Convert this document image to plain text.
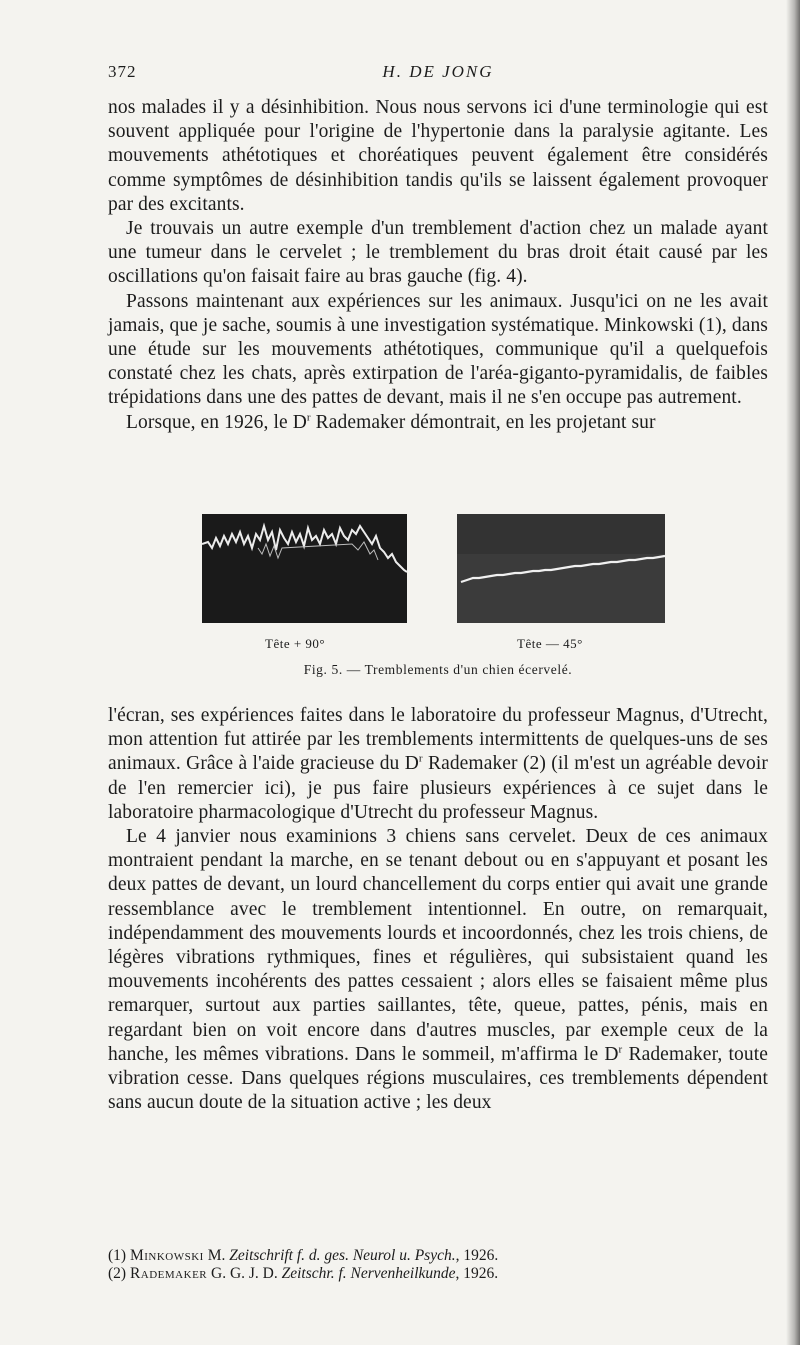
372	H. DE JONG

nos malades il y a désinhibition. Nous nous servons ici d'une terminologie qui est souvent appliquée pour l'origine de l'hypertonie dans la paralysie agitante. Les mouvements athétotiques et choréatiques peuvent également être considérés comme symptômes de désinhibition tandis qu'ils se laissent également provoquer par des excitants.

Je trouvais un autre exemple d'un tremblement d'action chez un malade ayant une tumeur dans le cervelet ; le tremblement du bras droit était causé par les oscillations qu'on faisait faire au bras gauche (fig. 4).

Passons maintenant aux expériences sur les animaux. Jusqu'ici on ne les avait jamais, que je sache, soumis à une investigation systématique. Minkowski (1), dans une étude sur les mouvements athétotiques, communique qu'il a quelquefois constaté chez les chats, après extirpation de l'aréa-giganto-pyramidalis, de faibles trépidations dans une des pattes de devant, mais il ne s'en occupe pas autrement.

Lorsque, en 1926, le $D^r$ Rademaker démontrait, en les projetant sur

Tête + 90°	Tête — 45°
Fig. 5. — Tremblements d'un chien écervelé.

l'écran, ses expériences faites dans le laboratoire du professeur Magnus, d'Utrecht, mon attention fut attirée par les tremblements intermittents de quelques-uns de ses animaux. Grâce à l'aide gracieuse du $D^r$ Rademaker (2) (il m'est un agréable devoir de l'en remercier ici), je pus faire plusieurs expériences à ce sujet dans le laboratoire pharmacologique d'Utrecht du professeur Magnus.

Le 4 janvier nous examinions 3 chiens sans cervelet. Deux de ces animaux montraient pendant la marche, en se tenant debout ou en s'appuyant et posant les deux pattes de devant, un lourd chancellement du corps entier qui avait une grande ressemblance avec le tremblement intentionnel. En outre, on remarquait, indépendamment des mouvements lourds et incoordonnés, chez les trois chiens, de légères vibrations rythmiques, fines et régulières, qui subsistaient quand les mouvements incohérents des pattes cessaient ; alors elles se faisaient même plus remarquer, surtout aux parties saillantes, tête, queue, pattes, pénis, mais en regardant bien on voit encore dans d'autres muscles, par exemple ceux de la hanche, les mêmes vibrations. Dans le sommeil, m'affirma le $D^r$ Rademaker, toute vibration cesse. Dans quelques régions musculaires, ces tremblements dépendent sans aucun doute de la situation active ; les deux

(1) Minkowski M. Zeitschrift f. d. ges. Neurol u. Psych., 1926.
(2) Rademaker G. G. J. D. Zeitschr. f. Nervenheilkunde, 1926.
